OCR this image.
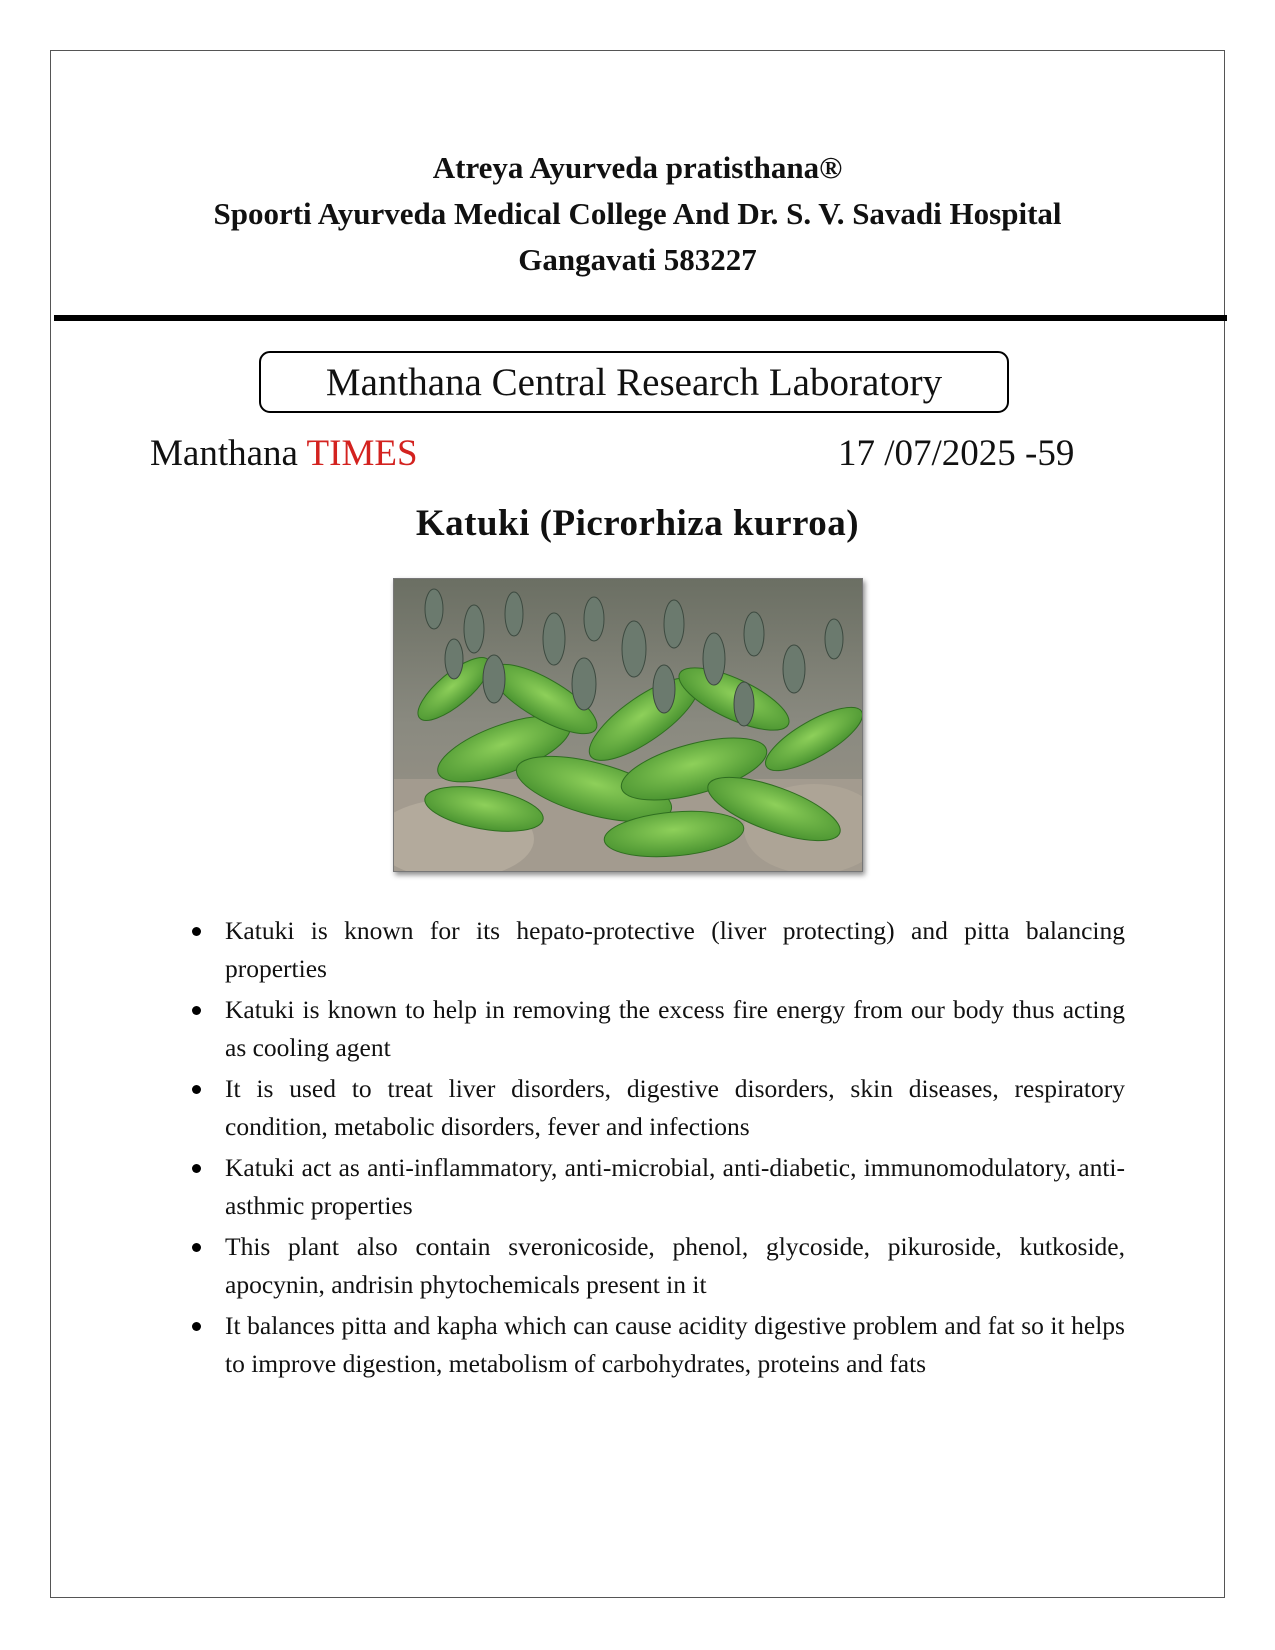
Atreya Ayurveda pratisthana®
Spoorti Ayurveda Medical College And Dr. S. V. Savadi Hospital
Gangavati 583227
Manthana Central Research Laboratory
Manthana TIMES	17 /07/2025 -59
Katuki (Picrorhiza kurroa)
Katuki is known for its hepato-protective (liver protecting) and pitta balancing properties
Katuki is known to help in removing the excess fire energy from our body thus acting as cooling agent
It is used to treat liver disorders, digestive disorders, skin diseases, respiratory condition, metabolic disorders, fever and infections
Katuki act as anti-inflammatory, anti-microbial, anti-diabetic, immunomodulatory, anti-asthmic properties
This plant also contain sveronicoside, phenol, glycoside, pikuroside, kutkoside, apocynin, andrisin phytochemicals present in it
It balances pitta and kapha which can cause acidity digestive problem and fat so it helps to improve digestion, metabolism of carbohydrates, proteins and fats
